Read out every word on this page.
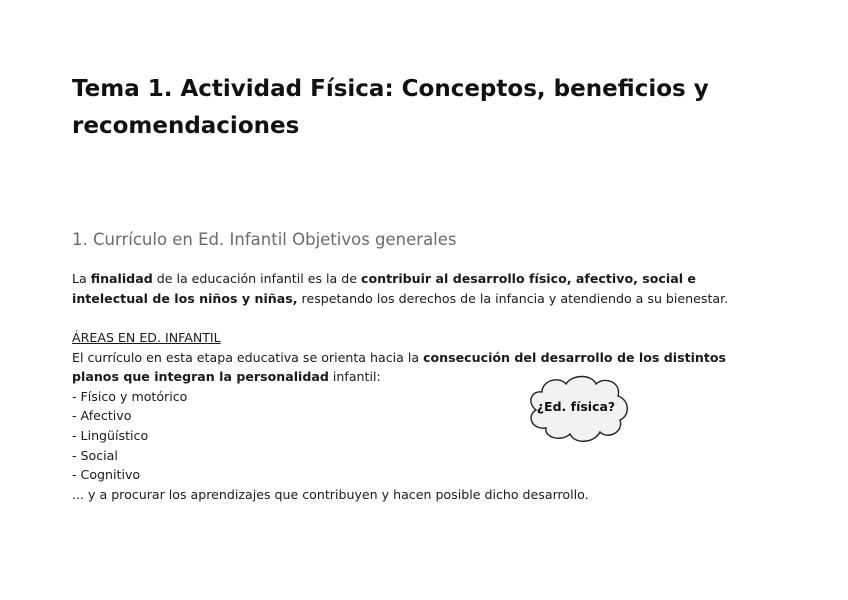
Tema 1. Actividad Física: Conceptos, beneficios y recomendaciones
1. Currículo en Ed. Infantil Objetivos generales

La finalidad de la educación infantil es la de contribuir al desarrollo físico, afectivo, social e intelectual de los niños y niñas, respetando los derechos de la infancia y atendiendo a su bienestar.

ÁREAS EN ED. INFANTIL
El currículo en esta etapa educativa se orienta hacia la consecución del desarrollo de los distintos planos que integran la personalidad infantil:
- Físico y motórico
- Afectivo
- Lingüístico
- Social
- Cognitivo
... y a procurar los aprendizajes que contribuyen y hacen posible dicho desarrollo.
¿Ed. física?
